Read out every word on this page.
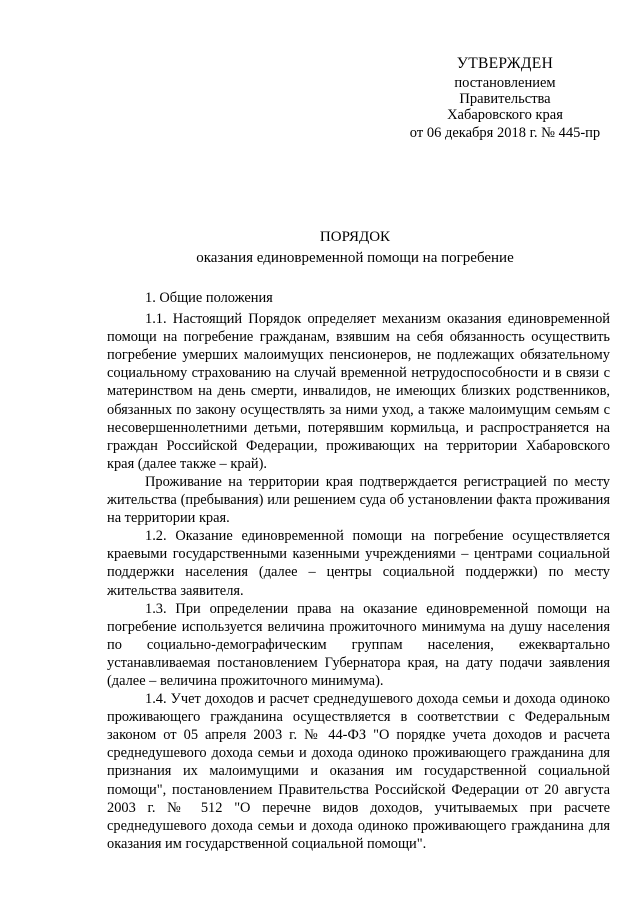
УТВЕРЖДЕН
постановлением
Правительства
Хабаровского края
от 06 декабря 2018 г. № 445-пр
ПОРЯДОК
оказания единовременной помощи на погребение

1. Общие положения

1.1. Настоящий Порядок определяет механизм оказания единовременной помощи на погребение гражданам, взявшим на себя обязанность осуществить погребение умерших малоимущих пенсионеров, не подлежащих обязательному социальному страхованию на случай временной нетрудоспособности и в связи с материнством на день смерти, инвалидов, не имеющих близких родственников, обязанных по закону осуществлять за ними уход, а также малоимущим семьям с несовершеннолетними детьми, потерявшим кормильца, и распространяется на граждан Российской Федерации, проживающих на территории Хабаровского края (далее также – край).

Проживание на территории края подтверждается регистрацией по месту жительства (пребывания) или решением суда об установлении факта проживания на территории края.

1.2. Оказание единовременной помощи на погребение осуществляется краевыми государственными казенными учреждениями – центрами социальной поддержки населения (далее – центры социальной поддержки) по месту жительства заявителя.

1.3. При определении права на оказание единовременной помощи на погребение используется величина прожиточного минимума на душу населения по социально-демографическим группам населения, ежеквартально устанавливаемая постановлением Губернатора края, на дату подачи заявления (далее – величина прожиточного минимума).

1.4. Учет доходов и расчет среднедушевого дохода семьи и дохода одиноко проживающего гражданина осуществляется в соответствии с Федеральным законом от 05 апреля 2003 г. № 44-ФЗ "О порядке учета доходов и расчета среднедушевого дохода семьи и дохода одиноко проживающего гражданина для признания их малоимущими и оказания им государственной социальной помощи", постановлением Правительства Российской Федерации от 20 августа 2003 г. № 512 "О перечне видов доходов, учитываемых при расчете среднедушевого дохода семьи и дохода одиноко проживающего гражданина для оказания им государственной социальной помощи".
